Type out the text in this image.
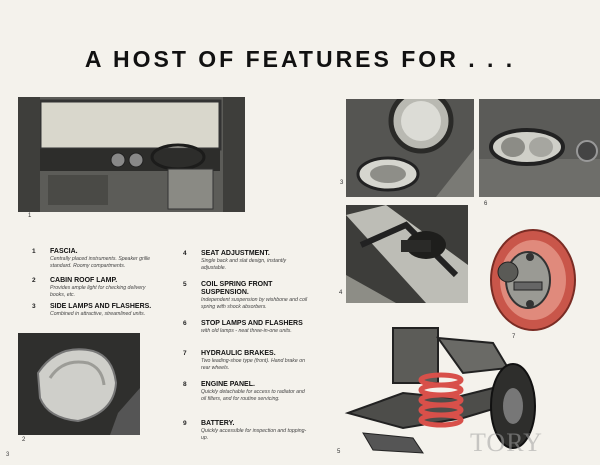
A HOST OF FEATURES FOR . . .
1
1 FASCIA.
Centrally placed instruments. Speaker grille standard. Roomy compartments.
2 CABIN ROOF LAMP.
Provides ample light for checking delivery books, etc.
3 SIDE LAMPS AND FLASHERS.
Combined in attractive, streamlined units.
2
3
4 SEAT ADJUSTMENT.
Single back and slat design, instantly adjustable.
5 COIL SPRING FRONT SUSPENSION.
Independent suspension by wishbone and coil spring with shock absorbers.
6 STOP LAMPS AND FLASHERS
with old lamps - neat three-in-one units.
7 HYDRAULIC BRAKES.
Two leading-shoe type (front). Hand brake on rear wheels.
8 ENGINE PANEL.
Quickly detachable for access to radiator and oil filters, and for routine servicing.
9 BATTERY.
Quickly accessible for inspection and topping-up.
3
6
4
7
5	TORY
